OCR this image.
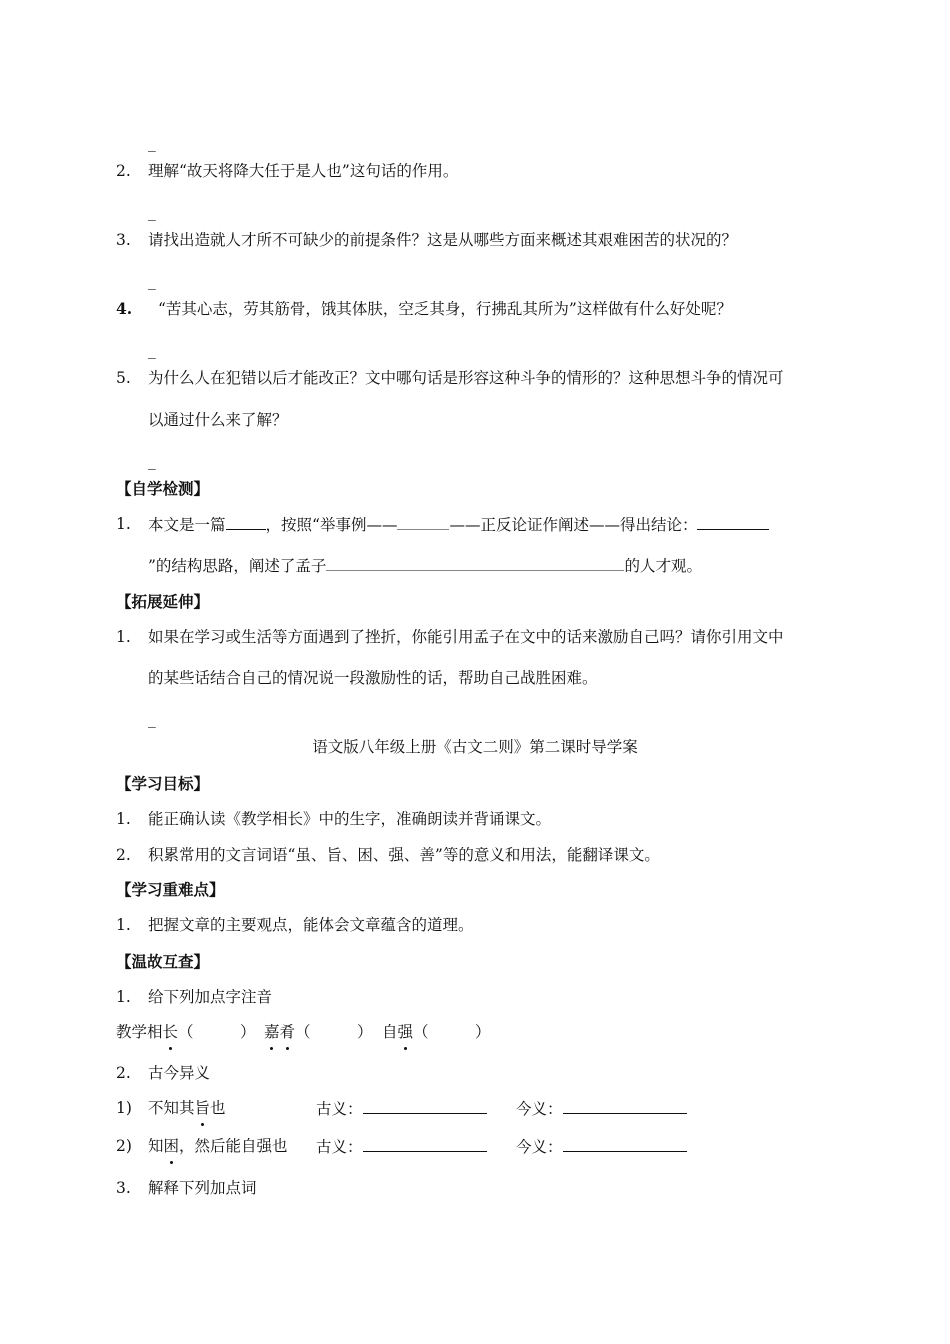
_
2. 理解“故天将降大任于是人也”这句话的作用。
_
3. 请找出造就人才所不可缺少的前提条件？这是从哪些方面来概述其艰难困苦的状况的？
_
4. “苦其心志，劳其筋骨，饿其体肤，空乏其身，行拂乱其所为”这样做有什么好处呢？
_
5. 为什么人在犯错以后才能改正？文中哪句话是形容这种斗争的情形的？这种思想斗争的情况可
以通过什么来了解？
_
【自学检测】
1. 本文是一篇	，按照“举事例——	——正反论证作阐述——得出结论：
”的结构思路，阐述了孟子	的人才观。
【拓展延伸】
1. 如果在学习或生活等方面遇到了挫折，你能引用孟子在文中的话来激励自己吗？请你引用文中
的某些话结合自己的情况说一段激励性的话，帮助自己战胜困难。
_
语文版八年级上册《古文二则》第二课时导学案
【学习目标】
1. 能正确认读《教学相长》中的生字，准确朗读并背诵课文。
2. 积累常用的文言词语“虽、旨、困、强、善”等的意义和用法，能翻译课文。
【学习重难点】
1. 把握文章的主要观点，能体会文章蕴含的道理。
【温故互查】
1. 给下列加点字注音
教学相长（　　　） 嘉肴（　　　） 自强（　　　）
2. 古今异义
1) 不知其旨也	古义：	今义：
2) 知困，然后能自强也 古义：	今义：
3. 解释下列加点词
